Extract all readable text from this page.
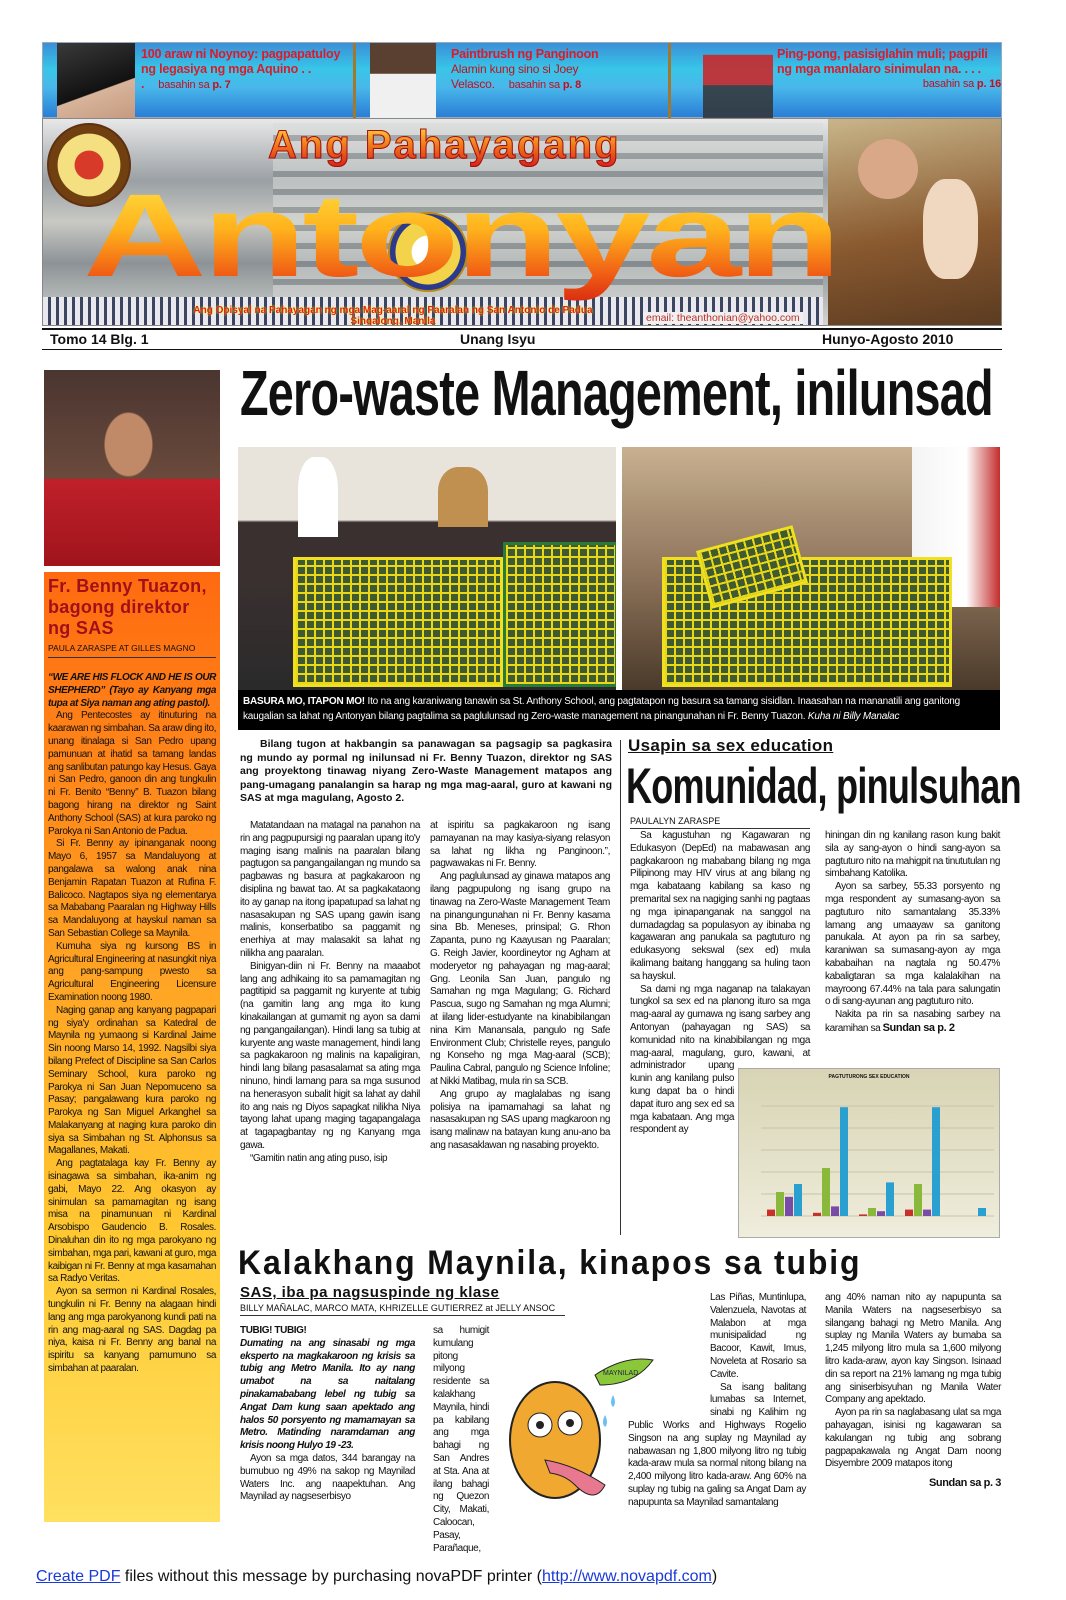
100 araw ni Noynoy: pagpapatuloy ng legasiya ng mga Aquino . . . basahin sa p. 7
Paintbrush ng Panginoon
Alamin kung sino si Joey Velasco. basahin sa p. 8
Ping-pong, pasisiglahin muli; pagpili ng mga manlalaro sinimulan na. . . .
basahin sa p. 16
Antonyan
Ang Pahayagang
Ang Opisyal na Pahayagan ng mga Mag-aaral ng Paaralan ng San Antonio de Padua
Singalong, Manila	email: theanthonian@yahoo.com
Tomo 14 Blg. 1	Unang Isyu	Hunyo-Agosto 2010
Fr. Benny Tuazon, bagong direktor ng SAS
PAULA ZARASPE AT GILLES MAGNO

“WE ARE HIS FLOCK AND HE IS OUR SHEPHERD” (Tayo ay Kanyang mga tupa at Siya naman ang ating pastol).

Ang Pentecostes ay itinuturing na kaarawan ng simbahan. Sa araw ding ito, unang itinalaga si San Pedro upang pamunuan at ihatid sa tamang landas ang sanlibutan patungo kay Hesus. Gaya ni San Pedro, ganoon din ang tungkulin ni Fr. Benito “Benny” B. Tuazon bilang bagong hirang na direktor ng Saint Anthony School (SAS) at kura paroko ng Parokya ni San Antonio de Padua.

Si Fr. Benny ay ipinanganak noong Mayo 6, 1957 sa Mandaluyong at pangalawa sa walong anak nina Benjamin Rapatan Tuazon at Rufina F. Balicoco. Nagtapos siya ng elementarya sa Mababang Paaralan ng Highway Hills sa Mandaluyong at hayskul naman sa San Sebastian College sa Maynila.

Kumuha siya ng kursong BS in Agricultural Engineering at nasungkit niya ang pang-sampung pwesto sa Agricultural Engineering Licensure Examination noong 1980.

Naging ganap ang kanyang pagpapari ng siya'y ordinahan sa Katedral de Maynila ng yumaong si Kardinal Jaime Sin noong Marso 14, 1992. Nagsilbi siya bilang Prefect of Discipline sa San Carlos Seminary School, kura paroko ng Parokya ni San Juan Nepomuceno sa Pasay; pangalawang kura paroko ng Parokya ng San Miguel Arkanghel sa Malakanyang at naging kura paroko din siya sa Simbahan ng St. Alphonsus sa Magallanes, Makati.

Ang pagtatalaga kay Fr. Benny ay isinagawa sa simbahan, ika-anim ng gabi, Mayo 22. Ang okasyon ay sinimulan sa pamamagitan ng isang misa na pinamunuan ni Kardinal Arsobispo Gaudencio B. Rosales. Dinaluhan din ito ng mga parokyano ng simbahan, mga pari, kawani at guro, mga kaibigan ni Fr. Benny at mga kasamahan sa Radyo Veritas.

Ayon sa sermon ni Kardinal Rosales, tungkulin ni Fr. Benny na alagaan hindi lang ang mga parokyanong kundi pati na rin ang mag-aaral ng SAS. Dagdag pa niya, kaisa ni Fr. Benny ang banal na ispiritu sa kanyang pamumuno sa simbahan at paaralan.

Zero-waste Management, inilunsad
BASURA MO, ITAPON MO! Ito na ang karaniwang tanawin sa St. Anthony School, ang pagtatapon ng basura sa tamang sisidlan. Inaasahan na mananatili ang ganitong kaugalian sa lahat ng Antonyan bilang pagtalima sa paglulunsad ng Zero-waste management na pinangunahan ni Fr. Benny Tuazon. Kuha ni Billy Manalac
Bilang tugon at hakbangin sa panawagan sa pagsagip sa pagkasira ng mundo ay pormal ng inilunsad ni Fr. Benny Tuazon, direktor ng SAS ang proyektong tinawag niyang Zero-Waste Management matapos ang pang-umagang panalangin sa harap ng mga mag-aaral, guro at kawani ng SAS at mga magulang, Agosto 2.

Matatandaan na matagal na panahon na rin ang pagpupursigi ng paaralan upang ito'y maging isang malinis na paaralan bilang pagtugon sa pangangailangan ng mundo sa pagbawas ng basura at pagkakaroon ng disiplina ng bawat tao. At sa pagkakataong ito ay ganap na itong ipapatupad sa lahat ng nasasakupan ng SAS upang gawin isang malinis, konserbatibo sa paggamit ng enerhiya at may malasakit sa lahat ng nilikha ang paaralan.

Binigyan-diin ni Fr. Benny na maaabot lang ang adhikaing ito sa pamamagitan ng pagtitipid sa paggamit ng kuryente at tubig (na gamitin lang ang mga ito kung kinakailangan at gumamit ng ayon sa dami ng pangangailangan). Hindi lang sa tubig at kuryente ang waste management, hindi lang sa pagkakaroon ng malinis na kapaligiran, hindi lang bilang pasasalamat sa ating mga ninuno, hindi lamang para sa mga susunod na henerasyon subalit higit sa lahat ay dahil ito ang nais ng Diyos sapagkat nilikha Niya tayong lahat upang maging tagapangalaga at tagapagbantay ng ng Kanyang mga gawa.

“Gamitin natin ang ating puso, isip

at ispiritu sa pagkakaroon ng isang pamayanan na may kasiya-siyang relasyon sa lahat ng likha ng Panginoon.”, pagwawakas ni Fr. Benny.

Ang paglulunsad ay ginawa matapos ang ilang pagpupulong ng isang grupo na tinawag na Zero-Waste Management Team na pinangungunahan ni Fr. Benny kasama sina Bb. Meneses, prinsipal; G. Rhon Zapanta, puno ng Kaayusan ng Paaralan; G. Reigh Javier, koordineytor ng Agham at moderyetor ng pahayagan ng mag-aaral; Gng. Leonila San Juan, pangulo ng Samahan ng mga Magulang; G. Richard Pascua, sugo ng Samahan ng mga Alumni; at iilang lider-estudyante na kinabibilangan nina Kim Manansala, pangulo ng Safe Environment Club; Christelle reyes, pangulo ng Konseho ng mga Mag-aaral (SCB); Paulina Cabral, pangulo ng Science Infoline; at Nikki Matibag, mula rin sa SCB.

Ang grupo ay maglalabas ng isang polisiya na ipamamahagi sa lahat ng nasasakupan ng SAS upang magkaroon ng isang malinaw na batayan kung anu-ano ba ang nasasaklawan ng nasabing proyekto.

Usapin sa sex education
Komunidad, pinulsuhan
PAULALYN ZARASPE

Sa kagustuhan ng Kagawaran ng Edukasyon (DepEd) na mabawasan ang pagkakaroon ng mababang bilang ng mga Pilipinong may HIV virus at ang bilang ng mga kabataang kabilang sa kaso ng premarital sex na nagiging sanhi ng pagtaas ng mga ipinapanganak na sanggol na dumadagdag sa populasyon ay ibinaba ng kagawaran ang panukala sa pagtuturo ng edukasyong sekswal (sex ed) mula ikalimang baitang hanggang sa huling taon sa hayskul.

Sa dami ng mga naganap na talakayan tungkol sa sex ed na planong ituro sa mga mag-aaral ay gumawa ng isang sarbey ang Antonyan (pahayagan ng SAS) sa komunidad nito na kinabibilangan ng mga mag-aaral, magulang, guro, kawani, at administrador upang kunin ang kanilang pulso kung dapat ba o hindi dapat ituro ang sex ed sa mga kabataan. Ang mga respondent ay

hiningan din ng kanilang rason kung bakit sila ay sang-ayon o hindi sang-ayon sa pagtuturo nito na mahigpit na tinututulan ng simbahang Katolika.

Ayon sa sarbey, 55.33 porsyento ng mga respondent ay sumasang-ayon sa pagtuturo nito samantalang 35.33% lamang ang umaayaw sa ganitong panukala. At ayon pa rin sa sarbey, karaniwan sa sumasang-ayon ay mga kababaihan na nagtala ng 50.47% kabaligtaran sa mga kalalakihan na mayroong 67.44% na tala para salungatin o di sang-ayunan ang pagtuturo nito.

Nakita pa rin sa nasabing sarbey na karamihan sa Sundan sa p. 2

PAGTUTURONG SEX EDUCATION
Kalakhang Maynila, kinapos sa tubig
SAS, iba pa nagsuspinde ng klase
BILLY MAÑALAC, MARCO MATA, KHRIZELLE GUTIERREZ at JELLY ANSOC

TUBIG! TUBIG!

Dumating na ang sinasabi ng mga eksperto na magkakaroon ng krisis sa tubig ang Metro Manila. Ito ay nang umabot na sa naitalang pinakamababang lebel ng tubig sa Angat Dam kung saan apektado ang halos 50 porsyento ng mamamayan sa Metro. Matinding naramdaman ang krisis noong Hulyo 19 -23.

Ayon sa mga datos, 344 barangay na bumubuo ng 49% na sakop ng Maynilad Waters Inc. ang naapektuhan. Ang Maynilad ay nagseserbisyo

sa humigit kumulang pitong milyong residente sa kalakhang Maynila, hindi pa kabilang ang mga bahagi ng San Andres at Sta. Ana at ilang bahagi ng Quezon City, Makati, Caloocan, Pasay, Parañaque,

Las Piñas, Muntinlupa, Valenzuela, Navotas at Malabon at mga munisipalidad ng Bacoor, Kawit, Imus, Noveleta at Rosario sa Cavite.

Sa isang balitang lumabas sa Internet, sinabi ng Kalihim ng Public Works and Highways Rogelio Singson na ang suplay ng Maynilad ay nabawasan ng 1,800 milyong litro ng tubig kada-araw mula sa normal nitong bilang na 2,400 milyong litro kada-araw. Ang 60% na suplay ng tubig na galing sa Angat Dam ay napupunta sa Maynilad samantalang

ang 40% naman nito ay napupunta sa Manila Waters na nagseserbisyo sa silangang bahagi ng Metro Manila. Ang suplay ng Manila Waters ay bumaba sa 1,245 milyong litro mula sa 1,600 milyong litro kada-araw, ayon kay Singson. Isinaad din sa report na 21% lamang ng mga tubig ang siniserbisyuhan ng Manila Water Company ang apektado.

Ayon pa rin sa naglabasang ulat sa mga pahayagan, isinisi ng kagawaran sa kakulangan ng tubig ang sobrang pagpapakawala ng Angat Dam noong Disyembre 2009 matapos itong

Sundan sa p. 3
MAYNILAD
Create PDF files without this message by purchasing novaPDF printer (http://www.novapdf.com)
